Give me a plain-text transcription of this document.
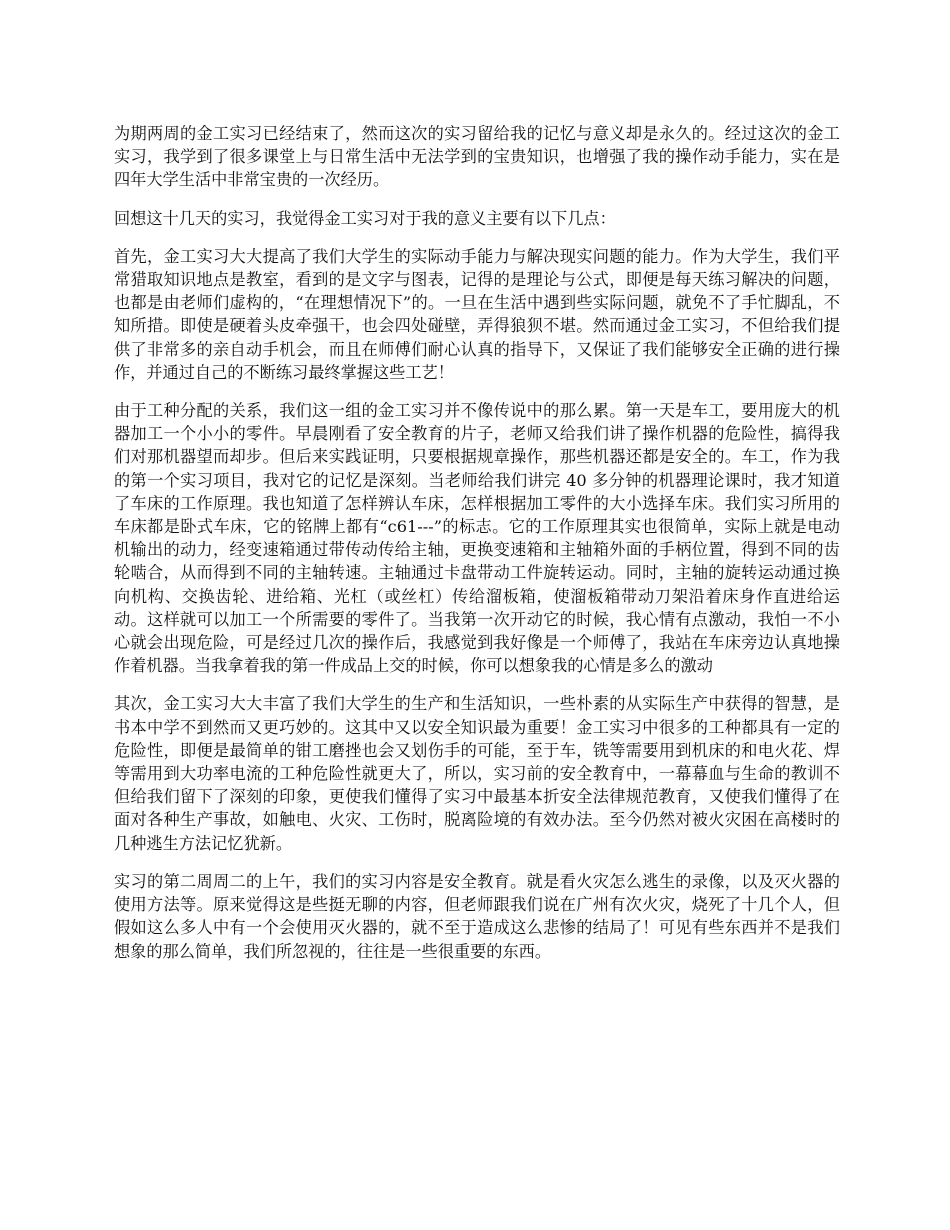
为期两周的金工实习已经结束了，然而这次的实习留给我的记忆与意义却是永久的。经过这次的金工实习，我学到了很多课堂上与日常生活中无法学到的宝贵知识，也增强了我的操作动手能力，实在是四年大学生活中非常宝贵的一次经历。

回想这十几天的实习，我觉得金工实习对于我的意义主要有以下几点：

首先，金工实习大大提高了我们大学生的实际动手能力与解决现实问题的能力。作为大学生，我们平常猎取知识地点是教室，看到的是文字与图表，记得的是理论与公式，即便是每天练习解决的问题，也都是由老师们虚构的，“在理想情况下”的。一旦在生活中遇到些实际问题，就免不了手忙脚乱，不知所措。即使是硬着头皮牵强干，也会四处碰壁，弄得狼狈不堪。然而通过金工实习，不但给我们提供了非常多的亲自动手机会，而且在师傅们耐心认真的指导下，又保证了我们能够安全正确的进行操作，并通过自己的不断练习最终掌握这些工艺！

由于工种分配的关系，我们这一组的金工实习并不像传说中的那么累。第一天是车工，要用庞大的机器加工一个小小的零件。早晨刚看了安全教育的片子，老师又给我们讲了操作机器的危险性，搞得我们对那机器望而却步。但后来实践证明，只要根据规章操作，那些机器还都是安全的。车工，作为我的第一个实习项目，我对它的记忆是深刻。当老师给我们讲完 40 多分钟的机器理论课时，我才知道了车床的工作原理。我也知道了怎样辨认车床，怎样根据加工零件的大小选择车床。我们实习所用的车床都是卧式车床，它的铭牌上都有“c61---”的标志。它的工作原理其实也很简单，实际上就是电动机输出的动力，经变速箱通过带传动传给主轴，更换变速箱和主轴箱外面的手柄位置，得到不同的齿轮啮合，从而得到不同的主轴转速。主轴通过卡盘带动工件旋转运动。同时，主轴的旋转运动通过换向机构、交换齿轮、进给箱、光杠（或丝杠）传给溜板箱，使溜板箱带动刀架沿着床身作直进给运动。这样就可以加工一个所需要的零件了。当我第一次开动它的时候，我心情有点激动，我怕一不小心就会出现危险，可是经过几次的操作后，我感觉到我好像是一个师傅了，我站在车床旁边认真地操作着机器。当我拿着我的第一件成品上交的时候，你可以想象我的心情是多么的激动

其次，金工实习大大丰富了我们大学生的生产和生活知识，一些朴素的从实际生产中获得的智慧，是书本中学不到然而又更巧妙的。这其中又以安全知识最为重要！金工实习中很多的工种都具有一定的危险性，即便是最简单的钳工磨挫也会又划伤手的可能，至于车，铣等需要用到机床的和电火花、焊等需用到大功率电流的工种危险性就更大了，所以，实习前的安全教育中，一幕幕血与生命的教训不但给我们留下了深刻的印象，更使我们懂得了实习中最基本折安全法律规范教育，又使我们懂得了在面对各种生产事故，如触电、火灾、工伤时，脱离险境的有效办法。至今仍然对被火灾困在高楼时的几种逃生方法记忆犹新。

实习的第二周周二的上午，我们的实习内容是安全教育。就是看火灾怎么逃生的录像，以及灭火器的使用方法等。原来觉得这是些挺无聊的内容，但老师跟我们说在广州有次火灾，烧死了十几个人，但假如这么多人中有一个会使用灭火器的，就不至于造成这么悲惨的结局了！可见有些东西并不是我们想象的那么简单，我们所忽视的，往往是一些很重要的东西。
